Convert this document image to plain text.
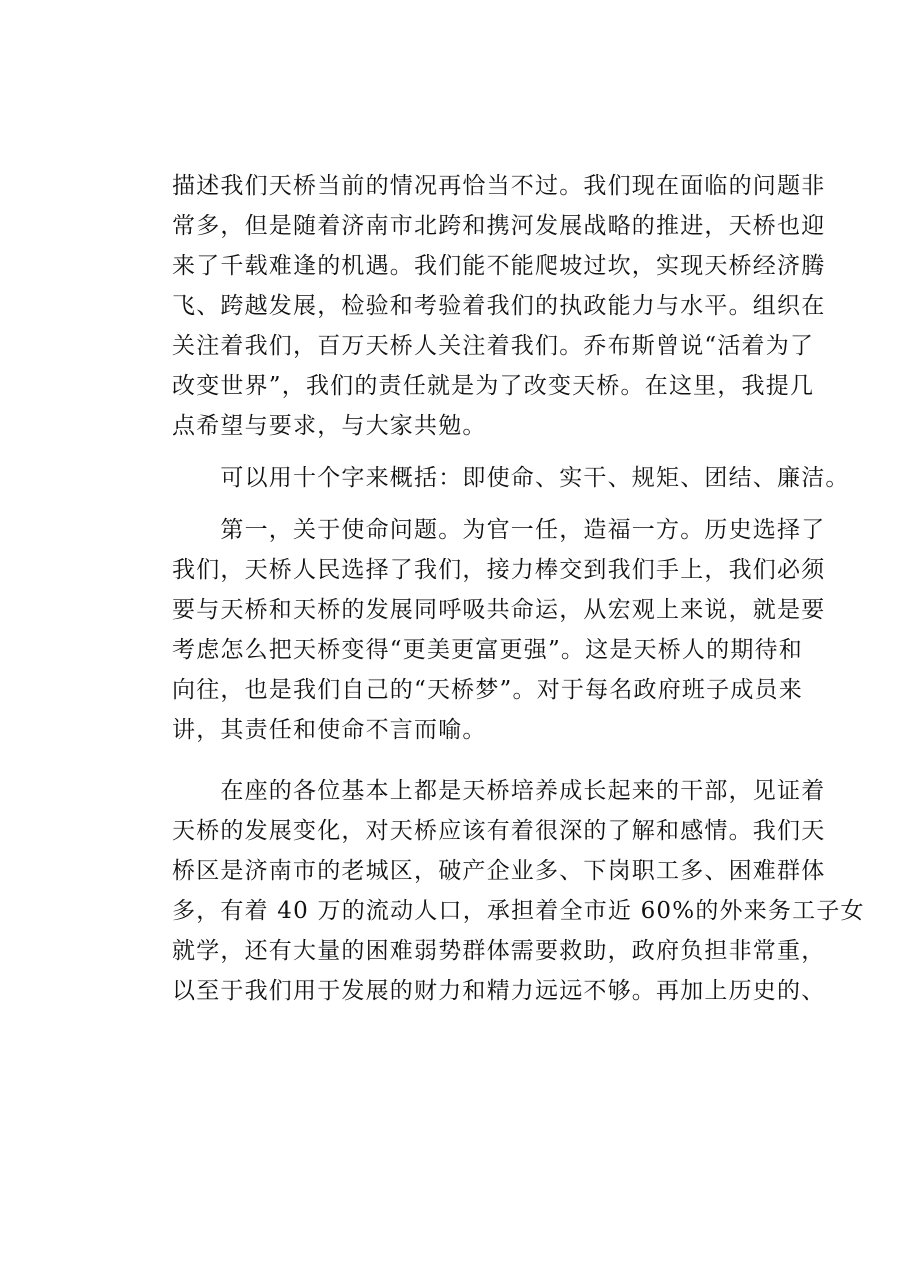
描述我们天桥当前的情况再恰当不过。我们现在面临的问题非
常多，但是随着济南市北跨和携河发展战略的推进，天桥也迎
来了千载难逢的机遇。我们能不能爬坡过坎，实现天桥经济腾
飞、跨越发展，检验和考验着我们的执政能力与水平。组织在
关注着我们，百万天桥人关注着我们。乔布斯曾说“活着为了
改变世界”，我们的责任就是为了改变天桥。在这里，我提几
点希望与要求，与大家共勉。
　　可以用十个字来概括：即使命、实干、规矩、团结、廉洁。
　　第一，关于使命问题。为官一任，造福一方。历史选择了
我们，天桥人民选择了我们，接力棒交到我们手上，我们必须
要与天桥和天桥的发展同呼吸共命运，从宏观上来说，就是要
考虑怎么把天桥变得“更美更富更强”。这是天桥人的期待和
向往，也是我们自己的“天桥梦”。对于每名政府班子成员来
讲，其责任和使命不言而喻。
　　在座的各位基本上都是天桥培养成长起来的干部，见证着
天桥的发展变化，对天桥应该有着很深的了解和感情。我们天
桥区是济南市的老城区，破产企业多、下岗职工多、困难群体
多，有着 40 万的流动人口，承担着全市近 60%的外来务工子女
就学，还有大量的困难弱势群体需要救助，政府负担非常重，
以至于我们用于发展的财力和精力远远不够。再加上历史的、
